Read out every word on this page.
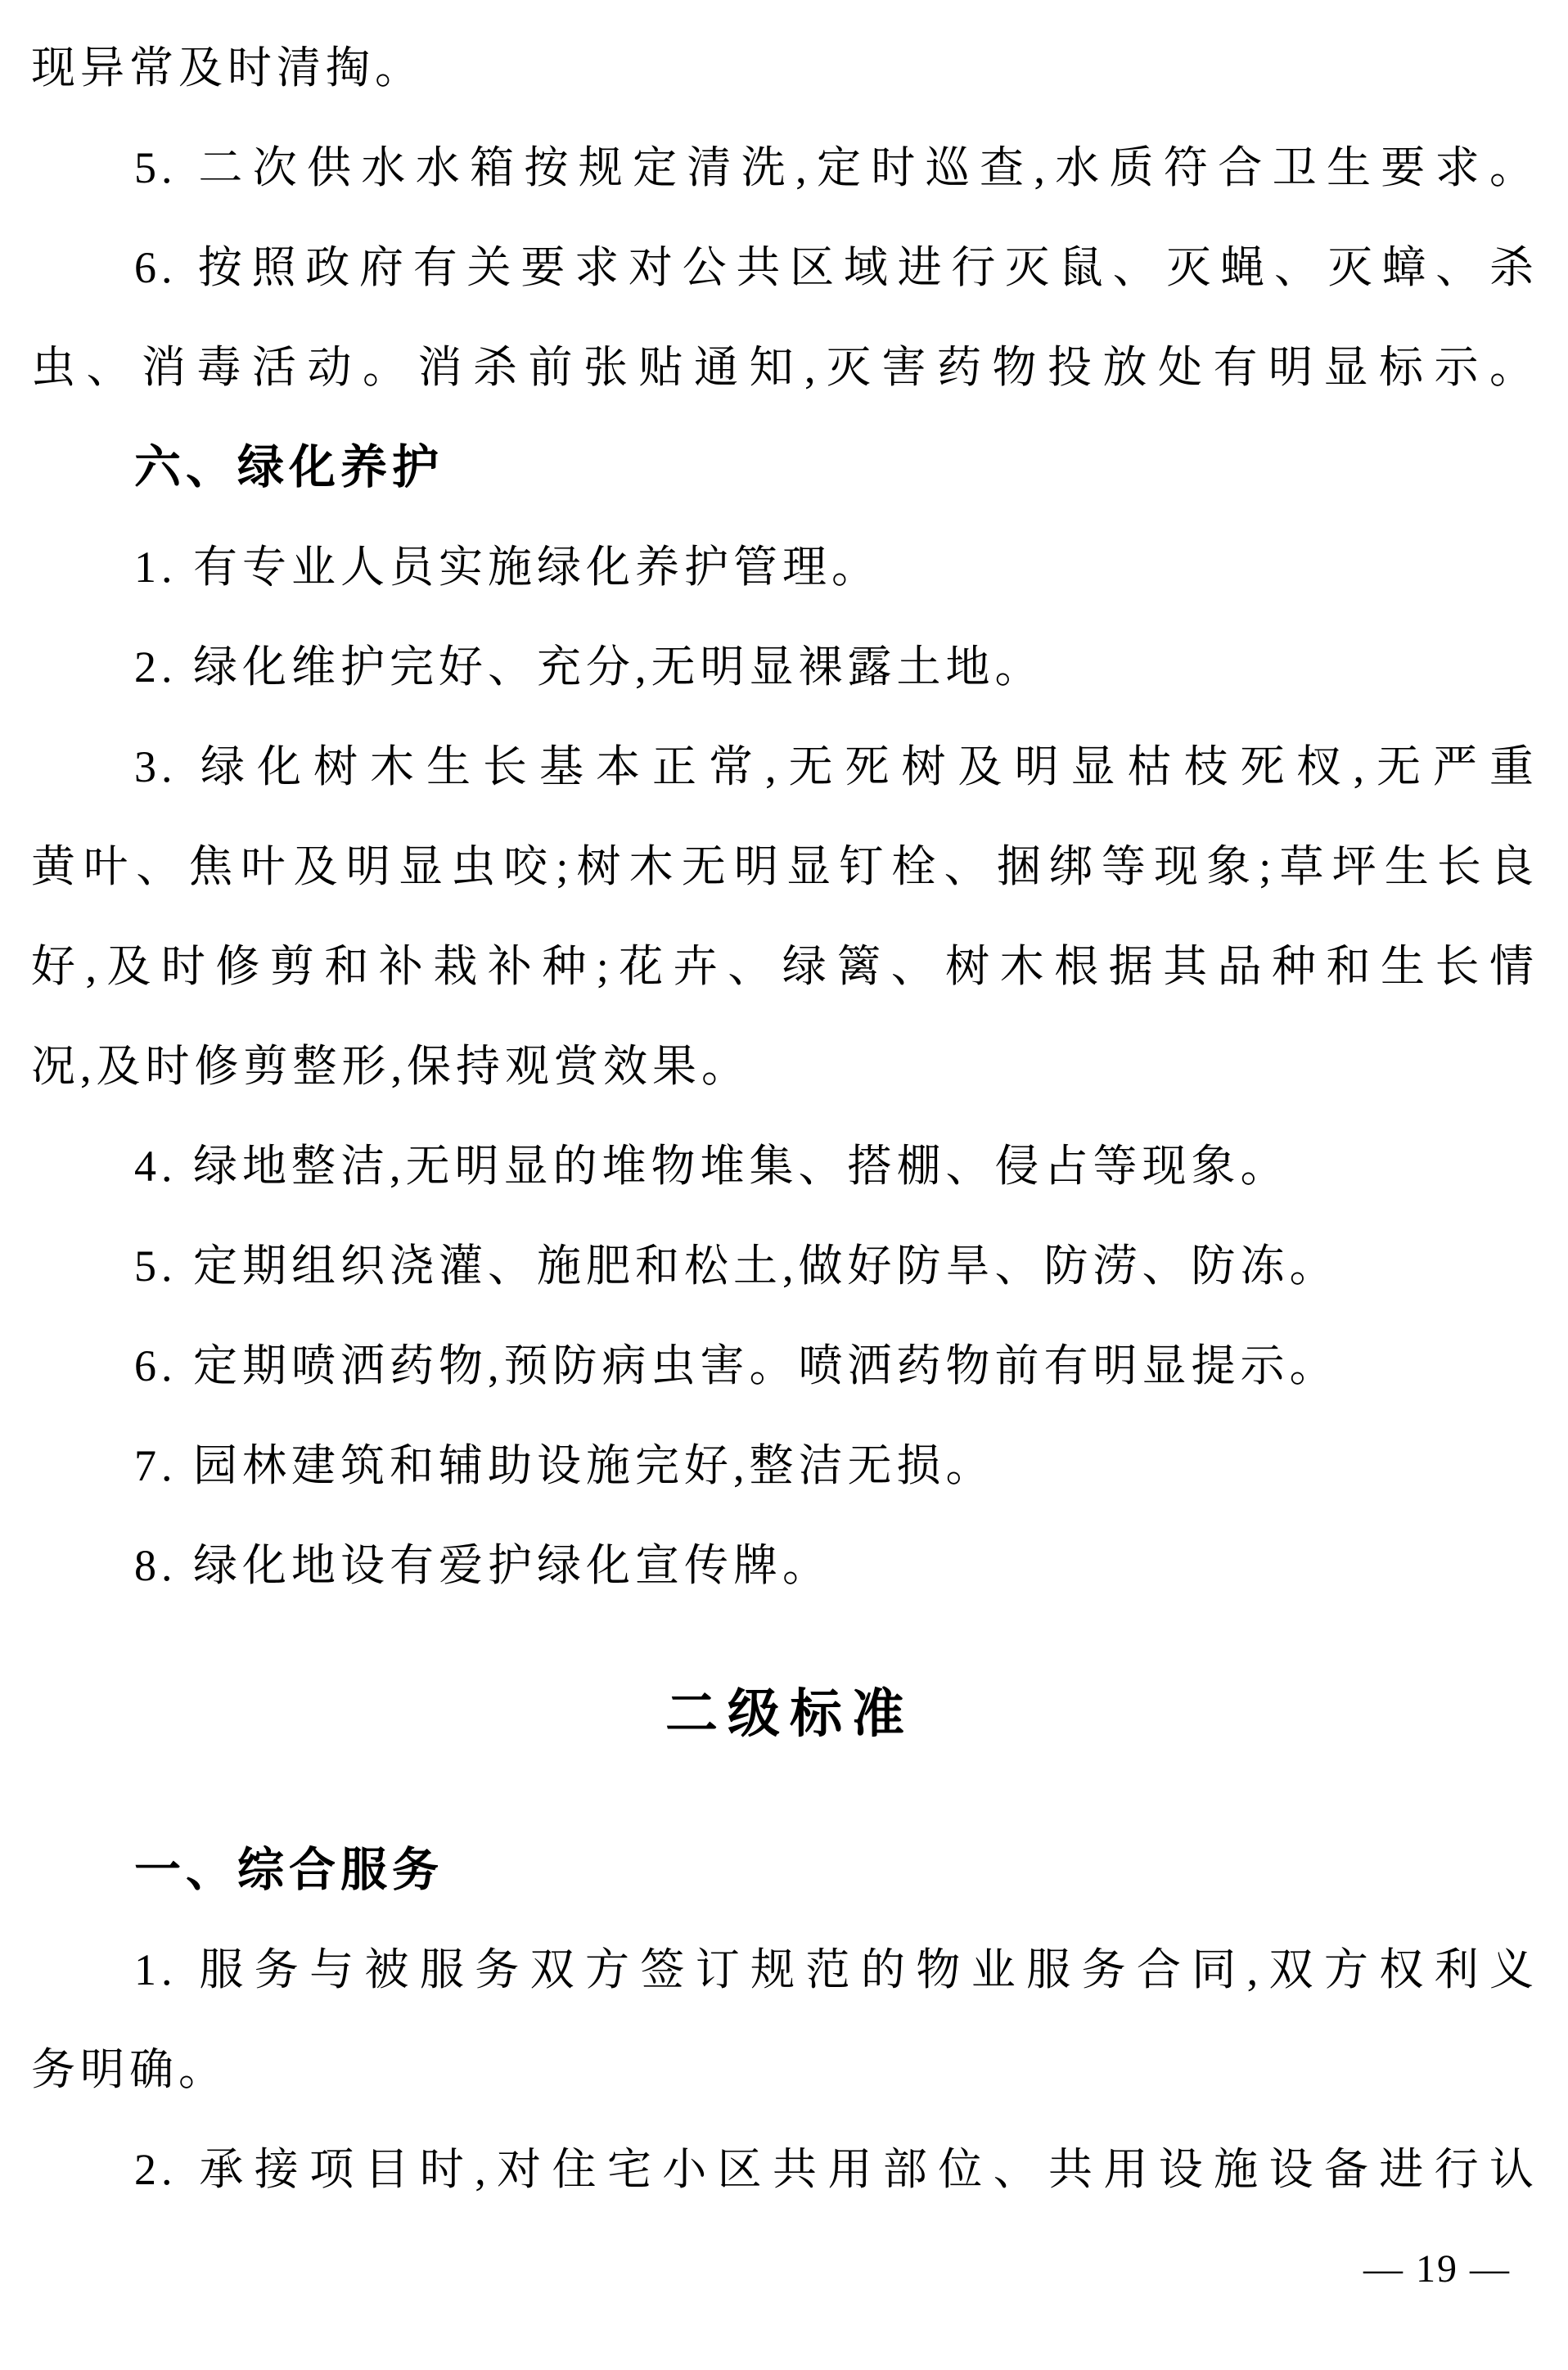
现异常及时清掏。
5. 二次供水水箱按规定清洗,定时巡查,水质符合卫生要求。
6. 按照政府有关要求对公共区域进行灭鼠、灭蝇、灭蟑、杀
虫、消毒活动。消杀前张贴通知,灭害药物投放处有明显标示。
六、绿化养护
1. 有专业人员实施绿化养护管理。
2. 绿化维护完好、充分,无明显裸露土地。
3. 绿化树木生长基本正常,无死树及明显枯枝死杈,无严重
黄叶、焦叶及明显虫咬;树木无明显钉栓、捆绑等现象;草坪生长良
好,及时修剪和补栽补种;花卉、绿篱、树木根据其品种和生长情
况,及时修剪整形,保持观赏效果。
4. 绿地整洁,无明显的堆物堆集、搭棚、侵占等现象。
5. 定期组织浇灌、施肥和松土,做好防旱、防涝、防冻。
6. 定期喷洒药物,预防病虫害。喷洒药物前有明显提示。
7. 园林建筑和辅助设施完好,整洁无损。
8. 绿化地设有爱护绿化宣传牌。
二级标准
一、综合服务
1. 服务与被服务双方签订规范的物业服务合同,双方权利义
务明确。
2. 承接项目时,对住宅小区共用部位、共用设施设备进行认
— 19 —
